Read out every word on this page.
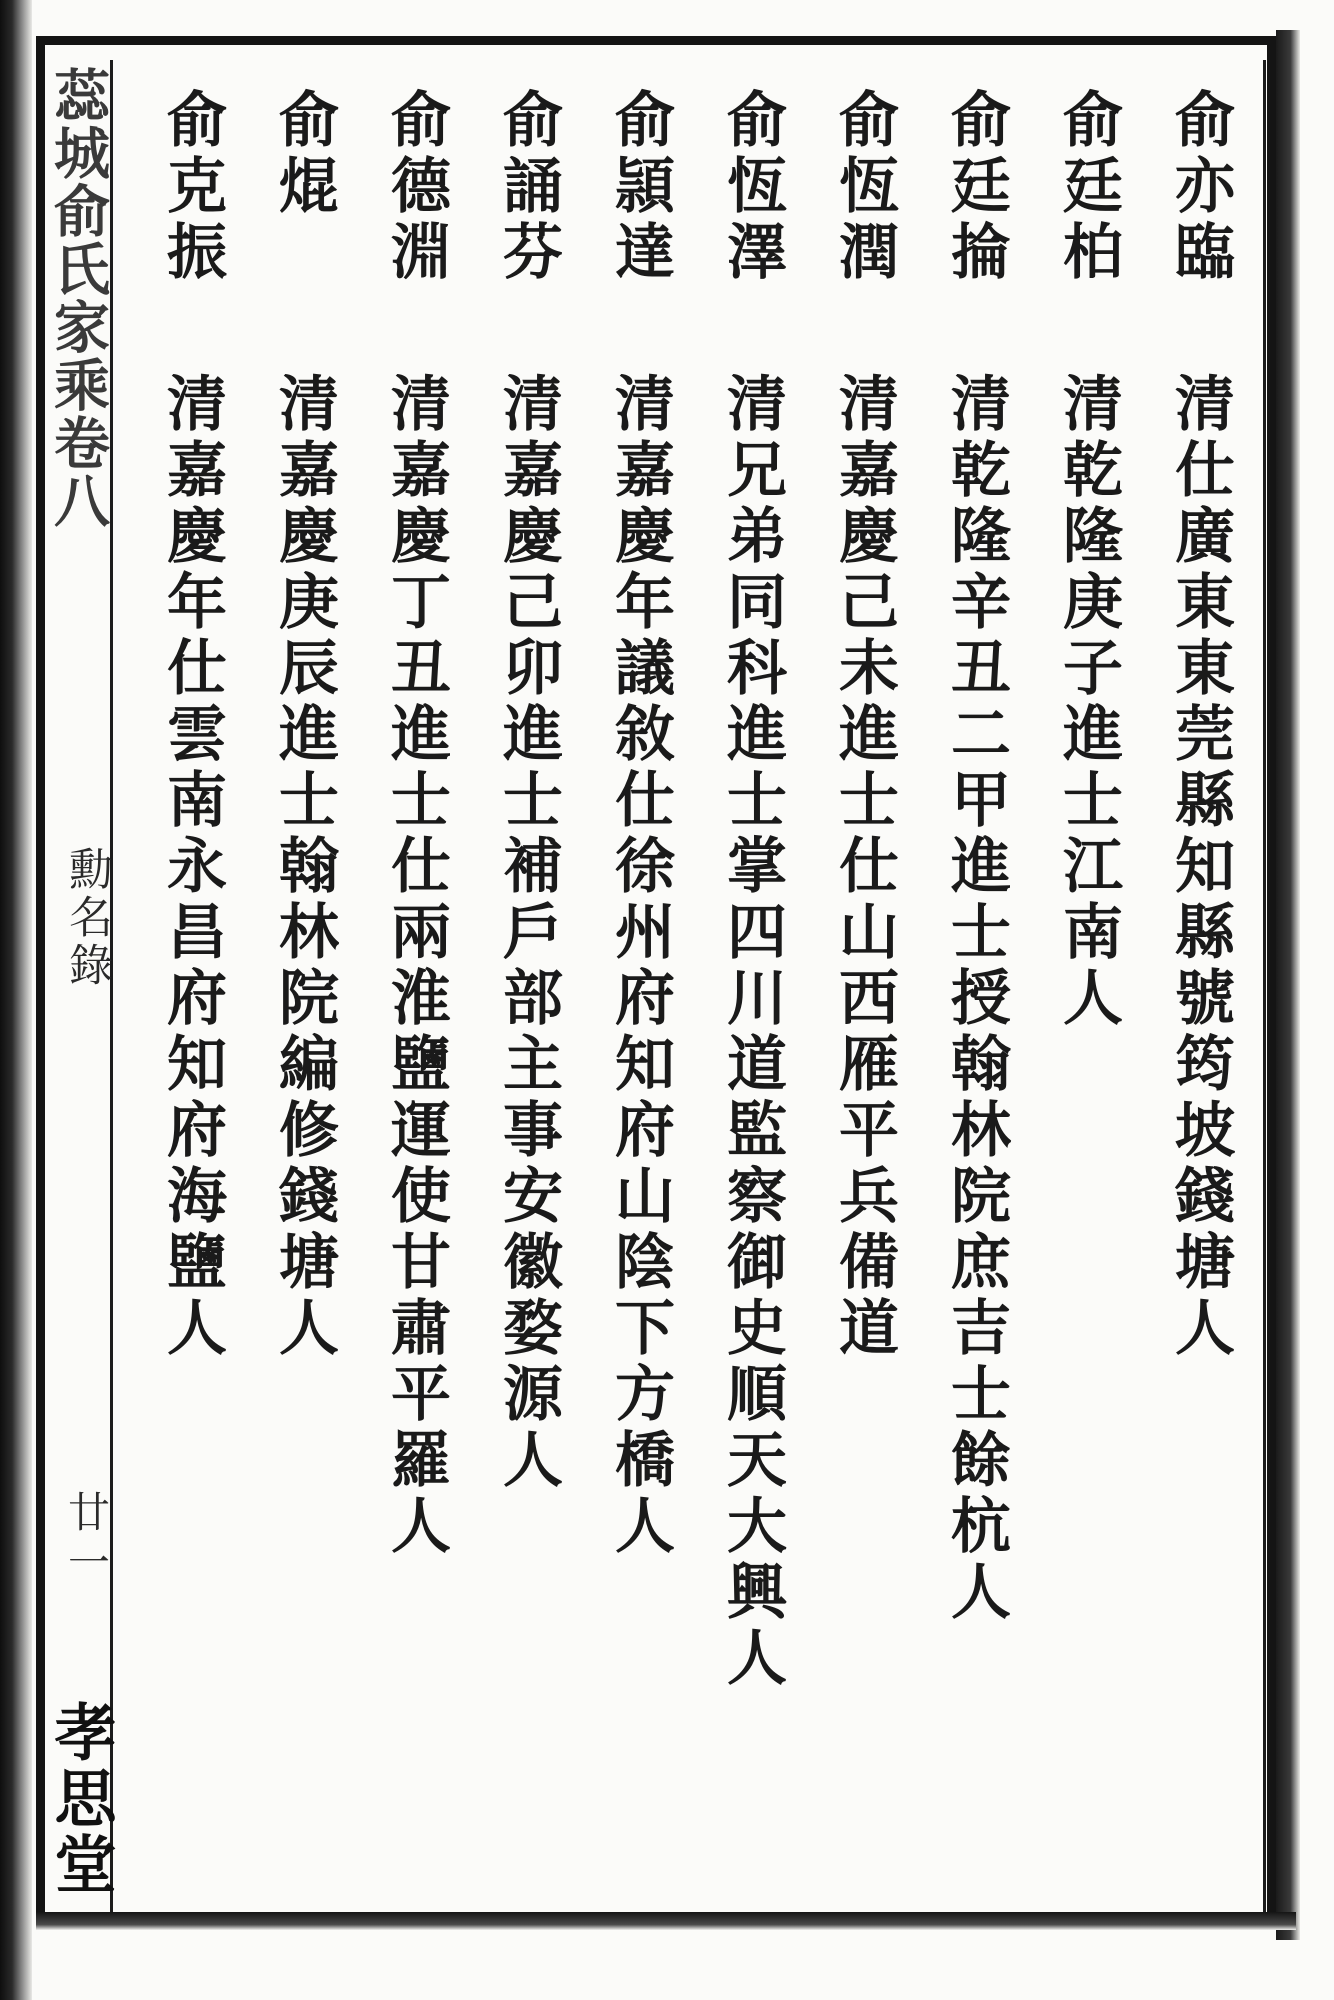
蕊城俞氏家乘卷八
勳名錄
廿一
孝思堂
俞亦臨
清仕廣東東莞縣知縣號筠坡錢塘人
俞廷柏
清乾隆庚子進士江南人
俞廷掄
清乾隆辛丑二甲進士授翰林院庶吉士餘杭人
俞恆潤
清嘉慶己未進士仕山西雁平兵備道
俞恆澤
清兄弟同科進士掌四川道監察御史順天大興人
俞頴達
清嘉慶年議敘仕徐州府知府山陰下方橋人
俞誦芬
清嘉慶己卯進士補戶部主事安徽婺源人
俞德淵
清嘉慶丁丑進士仕兩淮鹽運使甘肅平羅人
俞焜
清嘉慶庚辰進士翰林院編修錢塘人
俞克振
清嘉慶年仕雲南永昌府知府海鹽人
